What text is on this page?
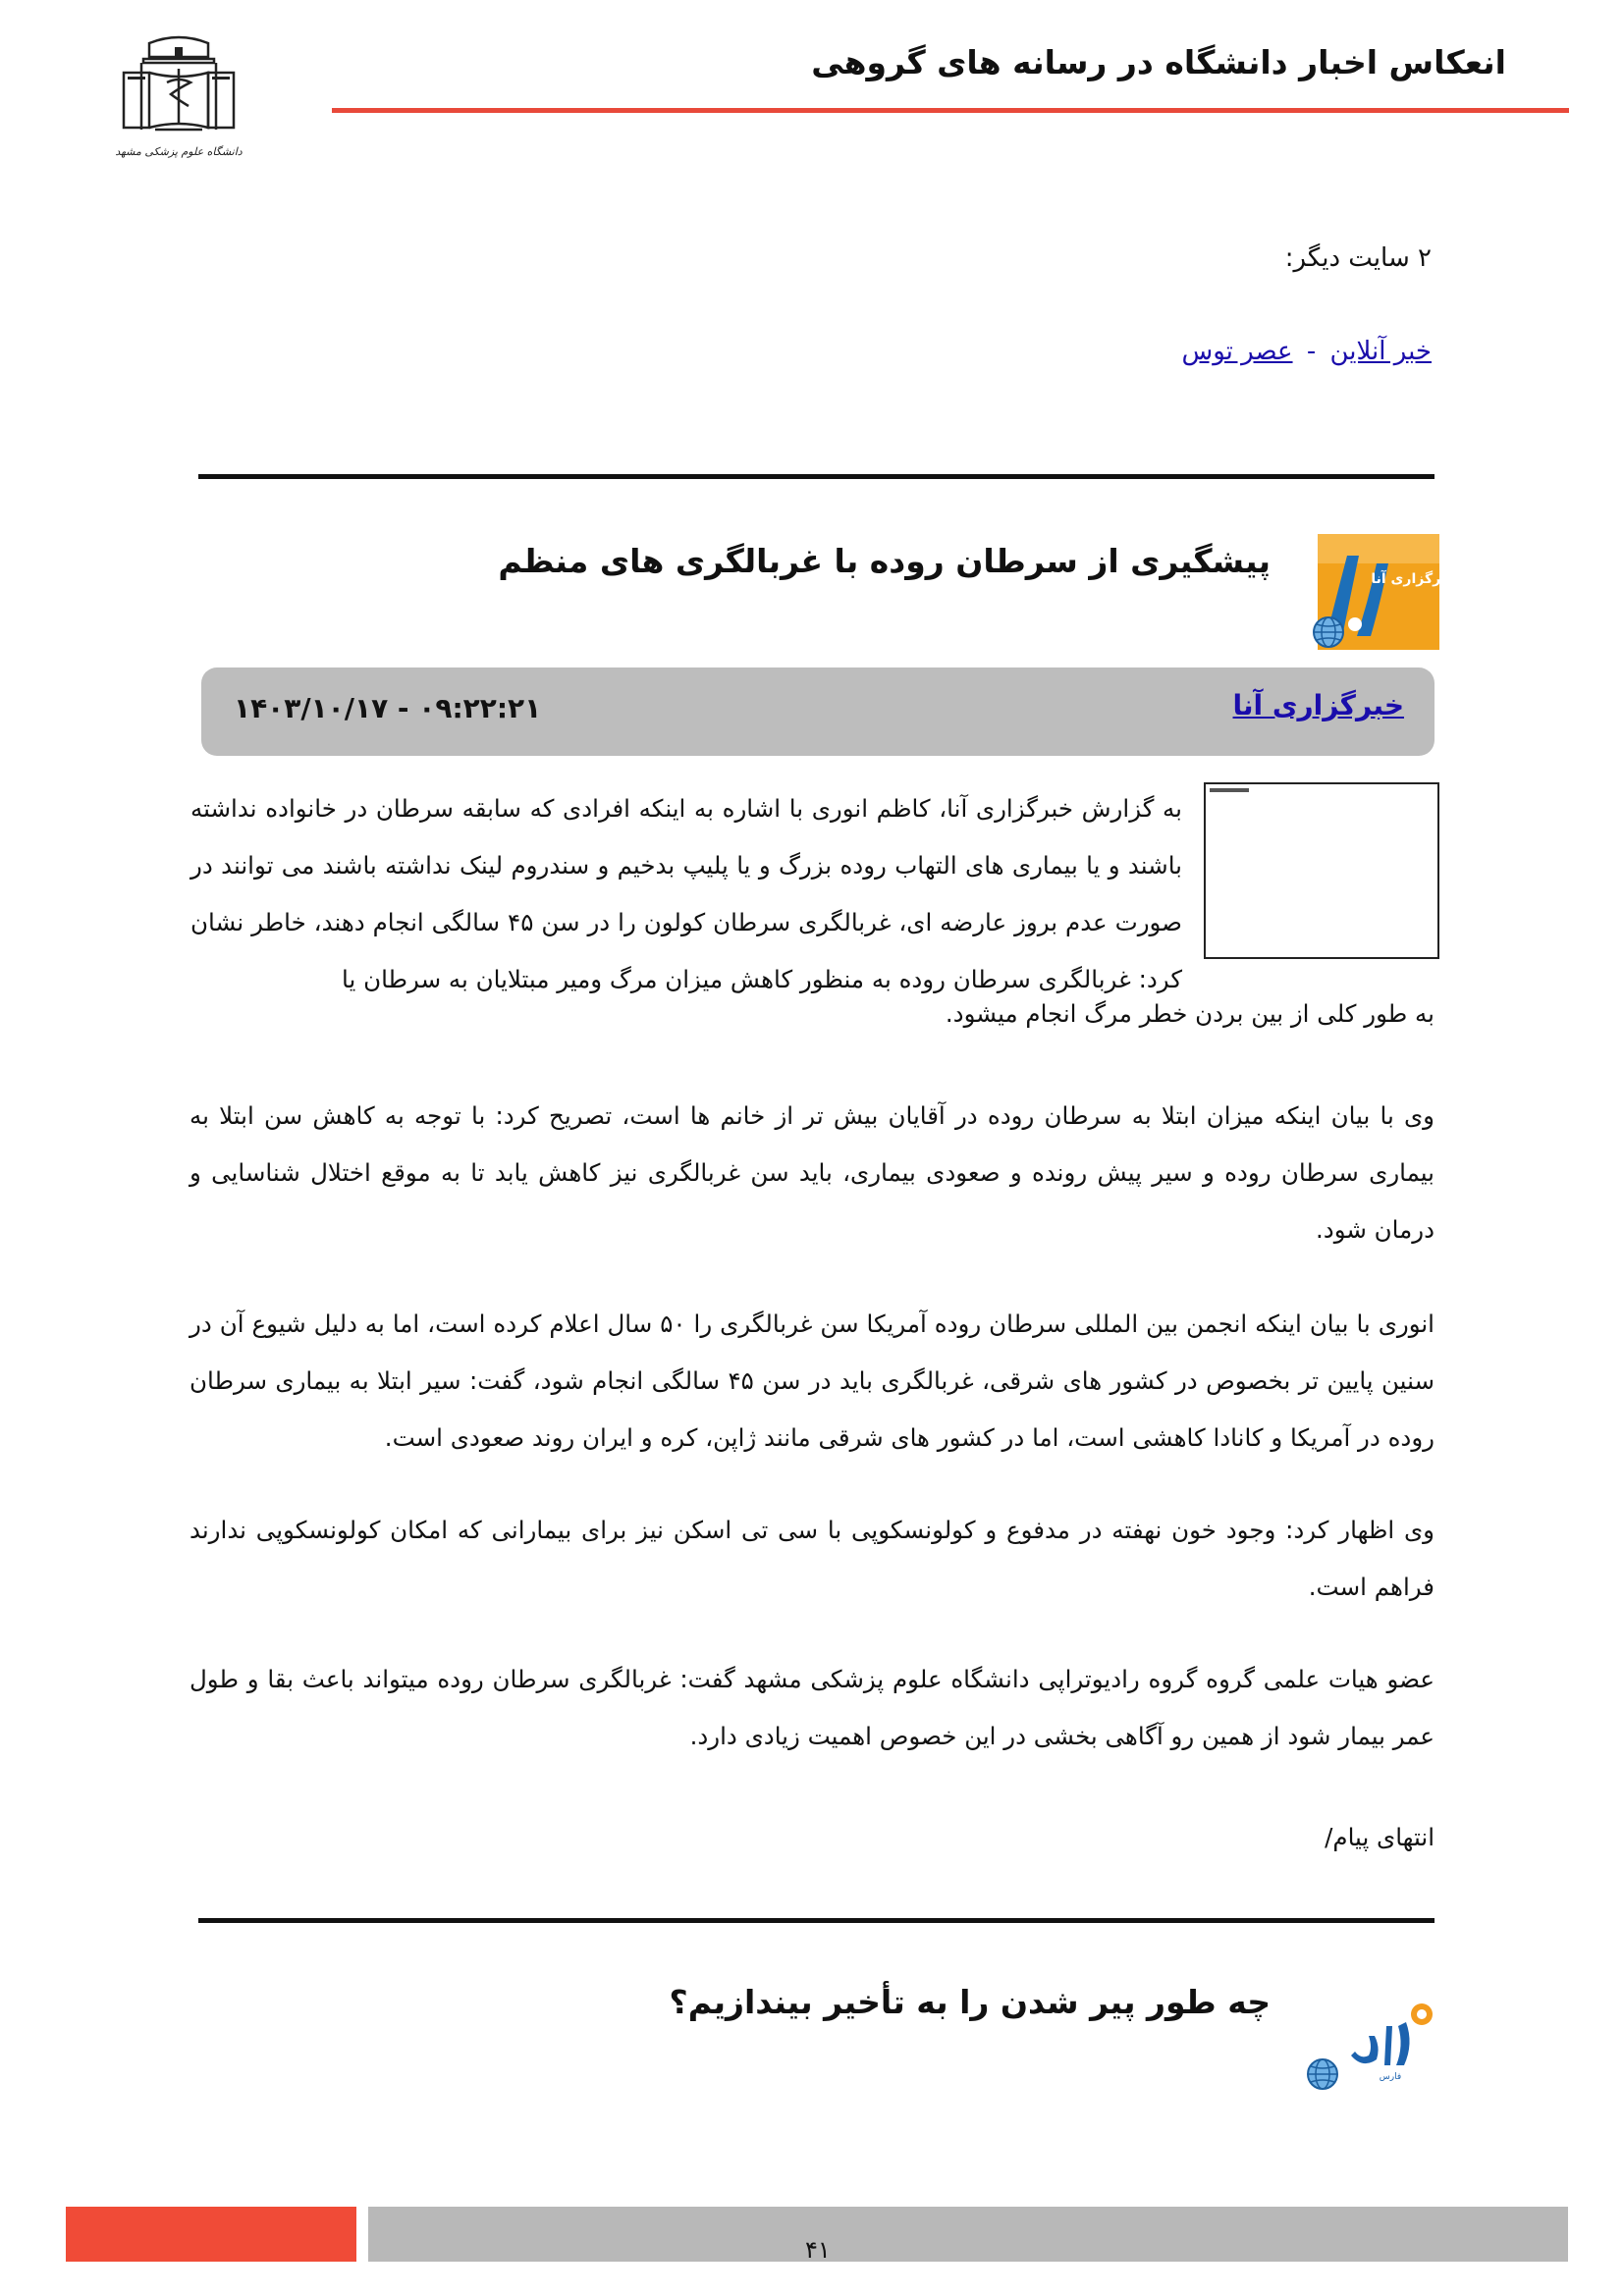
دانشگاه علوم پزشکی مشهد
انعکاس اخبار دانشگاه در رسانه های گروهی
۲ سایت دیگر:
خبر آنلاین - عصر توس
خبرگزاری آنا
پیشگیری از سرطان روده با غربالگری های منظم
خبرگزاری آنا
۱۴۰۳/۱۰/۱۷ - ۰۹:۲۲:۲۱
به گزارش خبرگزاری آنا، کاظم انوری با اشاره به اینکه افرادی که سابقه سرطان در خانواده نداشته باشند و یا بیماری های التهاب روده بزرگ و یا پلیپ بدخیم و سندروم لینک نداشته باشند می توانند در صورت عدم بروز عارضه ای، غربالگری سرطان کولون را در سن ۴۵ سالگی انجام دهند، خاطر نشان کرد: غربالگری سرطان روده به منظور کاهش میزان مرگ ومیر مبتلایان به سرطان یا
به طور کلی از بین بردن خطر مرگ انجام میشود.
وی با بیان اینکه میزان ابتلا به سرطان روده در آقایان بیش تر از خانم ها است، تصریح کرد: با توجه به کاهش سن ابتلا به بیماری سرطان روده و سیر پیش رونده و صعودی بیماری، باید سن غربالگری نیز کاهش یابد تا به موقع اختلال شناسایی و درمان شود.
انوری با بیان اینکه انجمن بین المللی سرطان روده آمریکا سن غربالگری را ۵۰ سال اعلام کرده است، اما به دلیل شیوع آن در سنین پایین تر بخصوص در کشور های شرقی، غربالگری باید در سن ۴۵ سالگی انجام شود، گفت: سیر ابتلا به بیماری سرطان روده در آمریکا و کانادا کاهشی است، اما در کشور های شرقی مانند ژاپن، کره و ایران روند صعودی است.
وی اظهار کرد: وجود خون نهفته در مدفوع و کولونسکوپی با سی تی اسکن نیز برای بیمارانی که امکان کولونسکوپی ندارند فراهم است.
عضو هیات علمی گروه گروه رادیوتراپی دانشگاه علوم پزشکی مشهد گفت: غربالگری سرطان روده میتواند باعث بقا و طول عمر بیمار شود از همین رو آگاهی بخشی در این خصوص اهمیت زیادی دارد.
انتهای پیام/
فارس
چه طور پیر شدن را به تأخیر بیندازیم؟
۴۱
